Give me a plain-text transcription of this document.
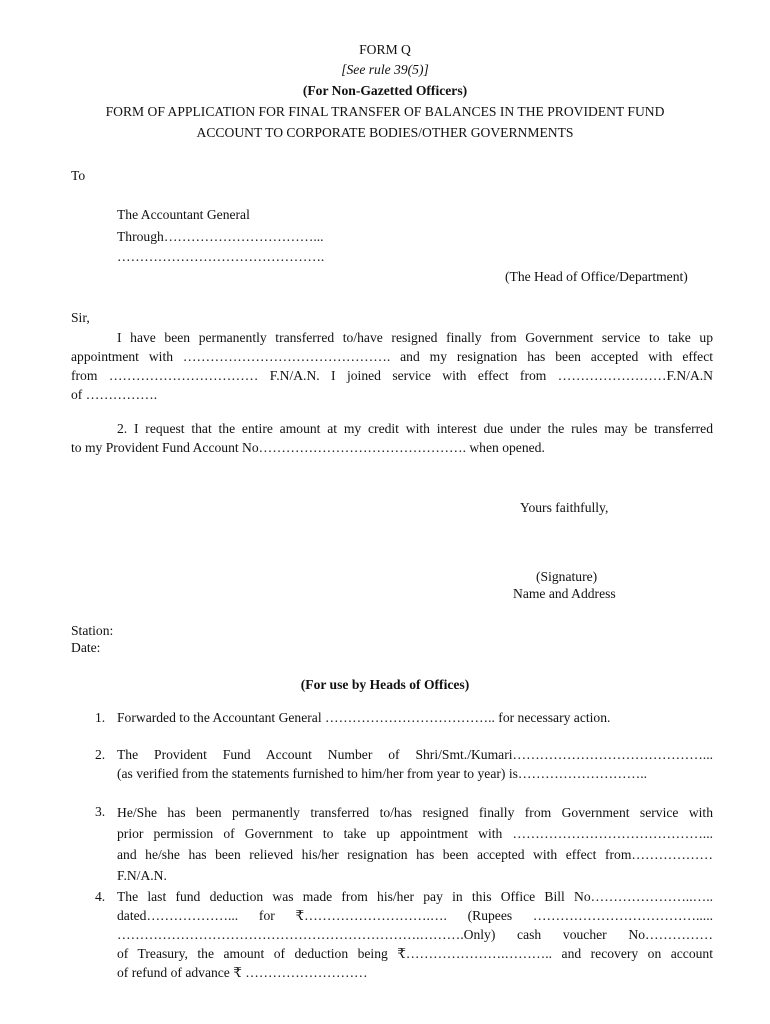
FORM Q
[See rule 39(5)]
(For Non-Gazetted Officers)
FORM OF APPLICATION FOR FINAL TRANSFER OF BALANCES IN THE PROVIDENT FUND
ACCOUNT TO CORPORATE BODIES/OTHER GOVERNMENTS
To
The Accountant General
Through……………………………...
……………………………………….
(The Head of Office/Department)
Sir,
I have been permanently transferred to/have resigned finally from Government service to take up
appointment with ………………………………………. and my resignation has been accepted with effect
from …………………………… F.N/A.N. I joined service with effect from ……………………F.N/A.N
of …………….
2. I request that the entire amount at my credit with interest due under the rules may be transferred
to my Provident Fund Account No………………………………………. when opened.
Yours faithfully,
(Signature)
Name and Address
Station:
Date:
(For use by Heads of Offices)
1. Forwarded to the Accountant General ……………………………….. for necessary action.
2. The Provident Fund Account Number of Shri/Smt./Kumari……………………………………...
(as verified from the statements furnished to him/her from year to year) is………………………..
3. He/She has been permanently transferred to/has resigned finally from Government service with
prior permission of Government to take up appointment with ……………………………………...
and he/she has been relieved his/her resignation has been accepted with effect from………………
F.N/A.N.
4. The last fund deduction was made from his/her pay in this Office Bill No…………………..…..
dated………………... for ₹……………………….…. (Rupees ……………………………….....
………………………………………………………….……….Only) cash voucher No……………
of Treasury, the amount of deduction being ₹………………….……….. and recovery on account
of refund of advance ₹ ………………………
